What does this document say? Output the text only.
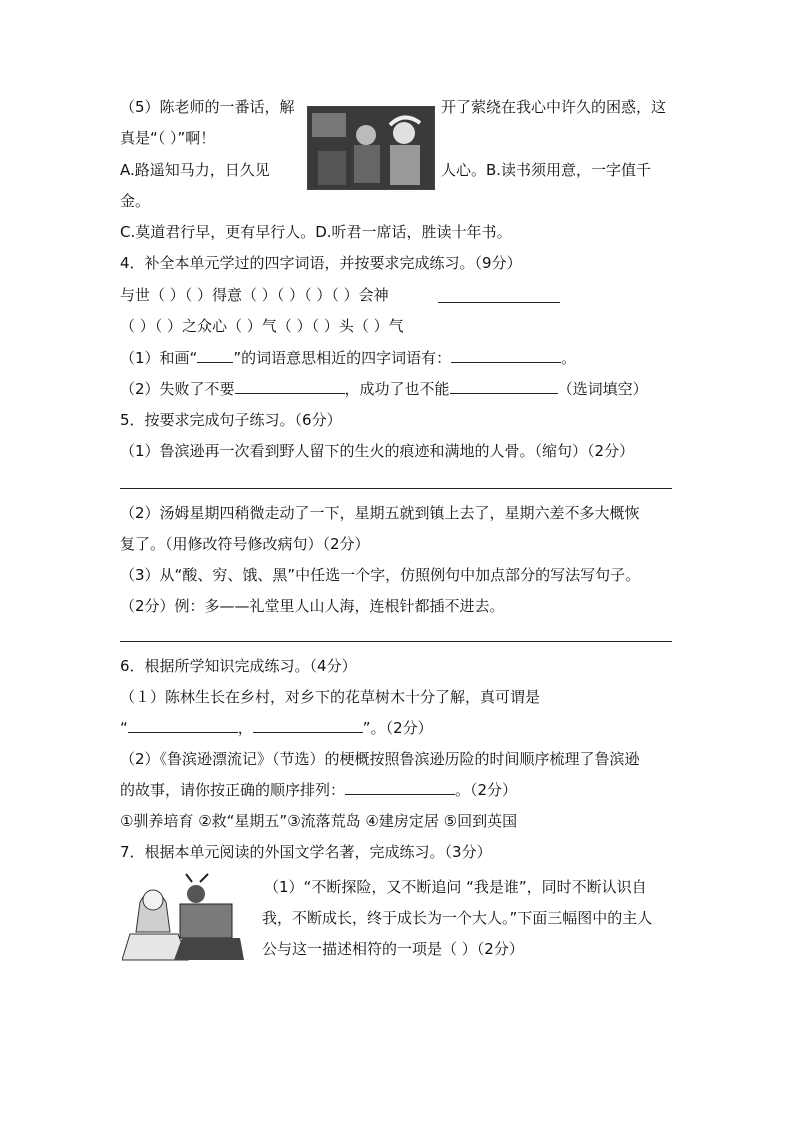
（5）陈老师的一番话，解	开了萦绕在我心中许久的困惑，这
真是“（ ）”啊！
A.路遥知马力，日久见	人心。B.读书须用意，一字值千
金。
C.莫道君行早，更有早行人。D.听君一席话，胜读十年书。
4．补全本单元学过的四字词语，并按要求完成练习。（9分）
与世（ ）（ ）得意（ ）（ ）（ ）（ ）会神
（ ）（ ）之众心（ ）气（ ）（ ）头（ ）气
（1）和画“ ”的词语意思相近的四字词语有：	。
（2）失败了不要	，成功了也不能	（选词填空）
5．按要求完成句子练习。（6分）
（1）鲁滨逊再一次看到野人留下的生火的痕迹和满地的人骨。（缩句）（2分）
（2）汤姆星期四稍微走动了一下，星期五就到镇上去了，星期六差不多大概恢
复了。（用修改符号修改病句）（2分）
（3）从“酸、穷、饿、黑”中任选一个字，仿照例句中加点部分的写法写句子。
（2分）例：多——礼堂里人山人海，连根针都插不进去。
6．根据所学知识完成练习。（4分）
（１）陈林生长在乡村，对乡下的花草树木十分了解，真可谓是
“	，	”。（2分）
（2）《鲁滨逊漂流记》（节选）的梗概按照鲁滨逊历险的时间顺序梳理了鲁滨逊
的故事，请你按正确的顺序排列：	。（2分）
①驯养培育 ②救“星期五”③流落荒岛 ④建房定居 ⑤回到英国
7．根据本单元阅读的外国文学名著，完成练习。（3分）
（1）“不断探险，又不断追问 “我是谁”，同时不断认识自
我，不断成长，终于成长为一个大人。”下面三幅图中的主人
公与这一描述相符的一项是（ ）（2分）
